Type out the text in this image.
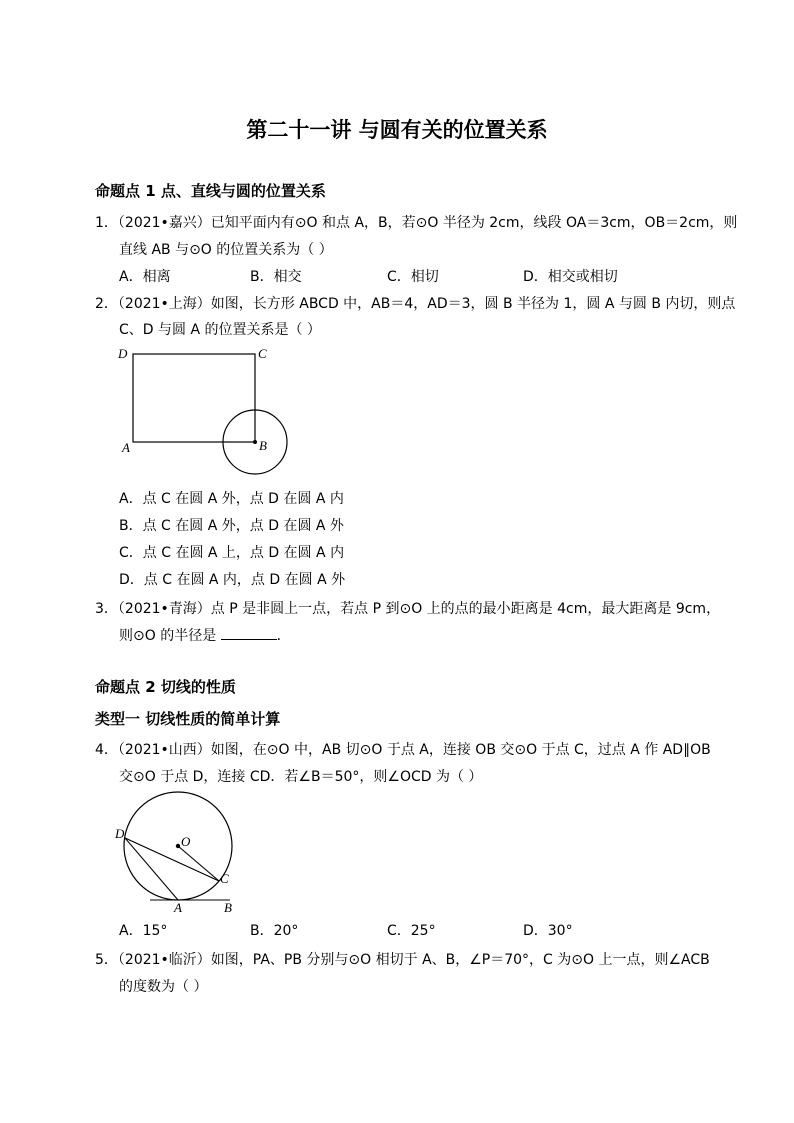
第二十一讲 与圆有关的位置关系
命题点 1 点、直线与圆的位置关系
1．（2021•嘉兴）已知平面内有⊙O 和点 A，B，若⊙O 半径为 2cm，线段 OA＝3cm，OB＝2cm，则
直线 AB 与⊙O 的位置关系为（ ）
A．相离	B．相交	C．相切	D．相交或相切
2．（2021•上海）如图，长方形 ABCD 中，AB＝4，AD＝3，圆 B 半径为 1，圆 A 与圆 B 内切，则点
C、D 与圆 A 的位置关系是（ ）
D	C
A	B
A．点 C 在圆 A 外，点 D 在圆 A 内
B．点 C 在圆 A 外，点 D 在圆 A 外
C．点 C 在圆 A 上，点 D 在圆 A 内
D．点 C 在圆 A 内，点 D 在圆 A 外
3．（2021•青海）点 P 是非圆上一点，若点 P 到⊙O 上的点的最小距离是 4cm，最大距离是 9cm，
则⊙O 的半径是	．
命题点 2 切线的性质
类型一 切线性质的简单计算
4．（2021•山西）如图，在⊙O 中，AB 切⊙O 于点 A，连接 OB 交⊙O 于点 C，过点 A 作 AD∥OB
交⊙O 于点 D，连接 CD．若∠B＝50°，则∠OCD 为（ ）
O
D
C
A	B
A．15°	B．20°	C．25°	D．30°
5．（2021•临沂）如图，PA、PB 分别与⊙O 相切于 A、B，∠P＝70°，C 为⊙O 上一点，则∠ACB
的度数为（ ）
